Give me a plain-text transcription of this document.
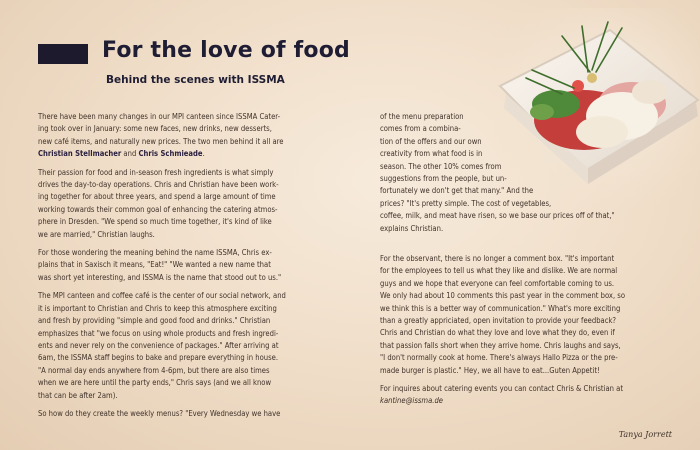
For the love of food
Behind the scenes with ISSMA

There have been many changes in our MPI canteen since ISSMA Cater-
ing took over in January: some new faces, new drinks, new desserts,
new café items, and naturally new prices. The two men behind it all are
Christian Stellmacher and Chris Schmieade.

Their passion for food and in-season fresh ingredients is what simply
drives the day-to-day operations. Chris and Christian have been work-
ing together for about three years, and spend a large amount of time
working towards their common goal of enhancing the catering atmos-
phere in Dresden. "We spend so much time together, it's kind of like
we are married," Christian laughs.

For those wondering the meaning behind the name ISSMA, Chris ex-
plains that in Saxisch it means, "Eat!" "We wanted a new name that
was short yet interesting, and ISSMA is the name that stood out to us."

The MPI canteen and coffee café is the center of our social network, and
it is important to Christian and Chris to keep this atmosphere exciting
and fresh by providing "simple and good food and drinks." Christian
emphasizes that "we focus on using whole products and fresh ingredi-
ents and never rely on the convenience of packages." After arriving at
6am, the ISSMA staff begins to bake and prepare everything in house.
"A normal day ends anywhere from 4-6pm, but there are also times
when we are here until the party ends," Chris says (and we all know
that can be after 2am).

So how do they create the weekly menus? "Every Wednesday we have

of the menu preparation
comes from a combina-
tion of the offers and our own
creativity from what food is in
season. The other 10% comes from
suggestions from the people, but un-
fortunately we don't get that many." And the
prices? "It's pretty simple. The cost of vegetables,
coffee, milk, and meat have risen, so we base our prices off of that,"
explains Christian.

For the observant, there is no longer a comment box. "It's important
for the employees to tell us what they like and dislike. We are normal
guys and we hope that everyone can feel comfortable coming to us.
We only had about 10 comments this past year in the comment box, so
we think this is a better way of communication." What's more exciting
than a greatly appriciated, open invitation to provide your feedback?
Chris and Christian do what they love and love what they do, even if
that passion falls short when they arrive home. Chris laughs and says,
"I don't normally cook at home. There's always Hallo Pizza or the pre-
made burger is plastic." Hey, we all have to eat...Guten Appetit!

For inquires about catering events you can contact Chris & Christian at
kantine@issma.de

Tanya Jorrett
